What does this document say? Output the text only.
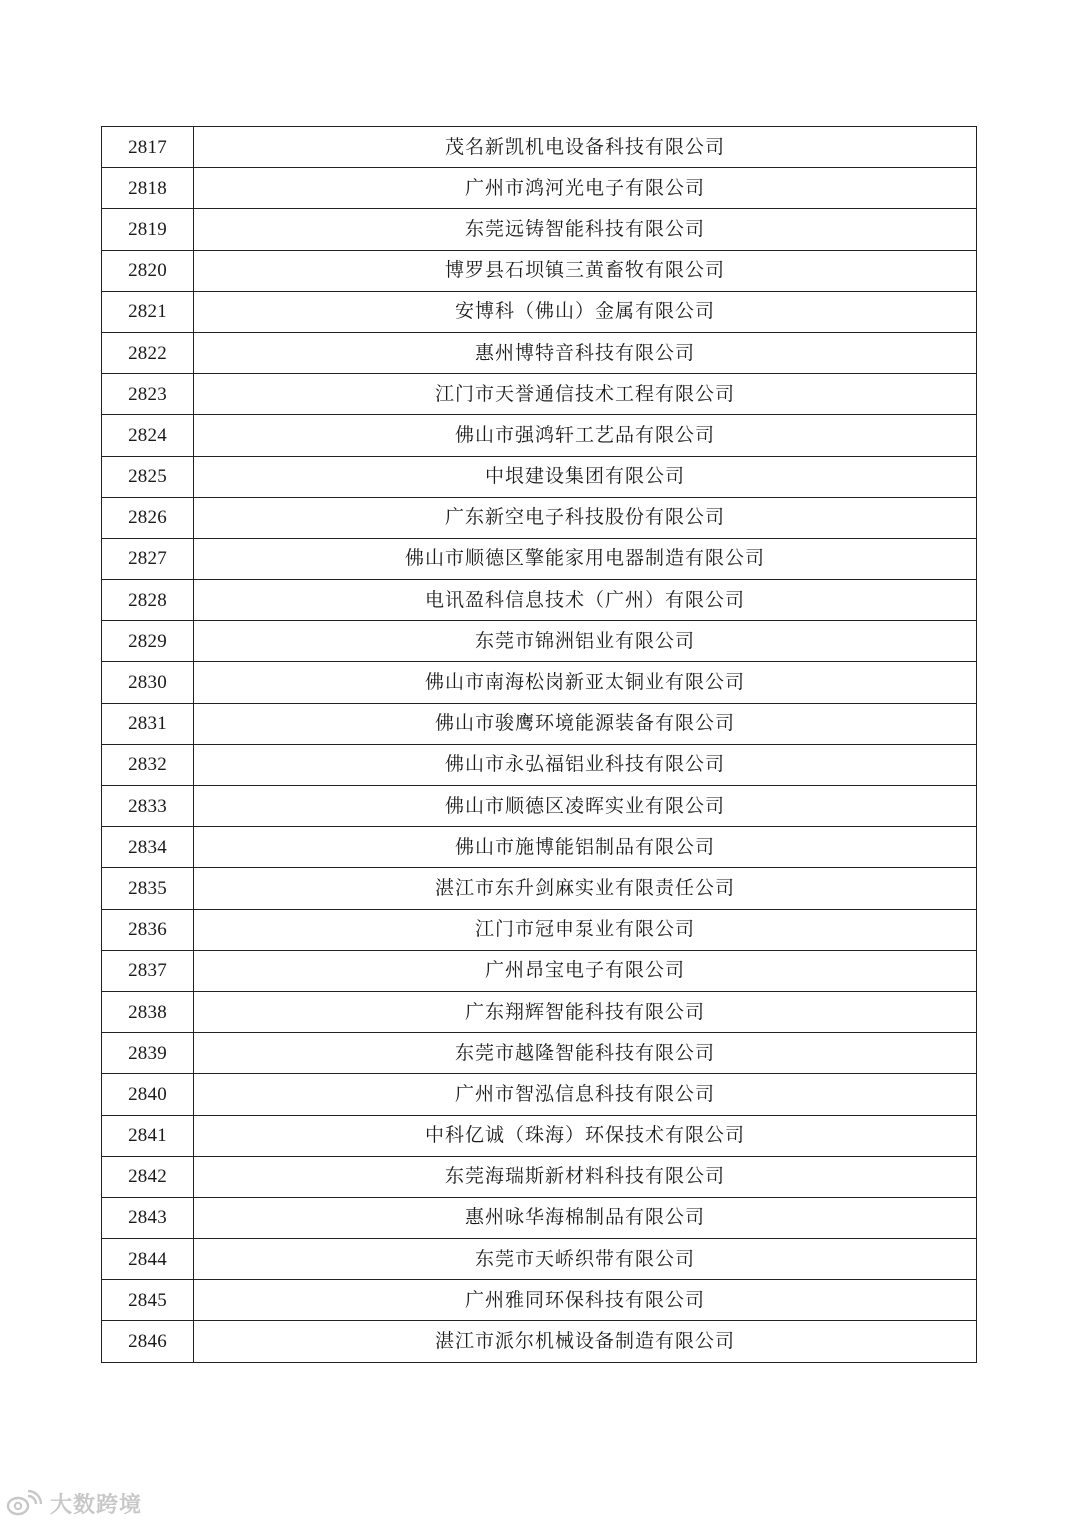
2817	茂名新凯机电设备科技有限公司
2818	广州市鸿河光电子有限公司
2819	东莞远铸智能科技有限公司
2820	博罗县石坝镇三黄畜牧有限公司
2821	安博科（佛山）金属有限公司
2822	惠州博特音科技有限公司
2823	江门市天誉通信技术工程有限公司
2824	佛山市强鸿轩工艺品有限公司
2825	中垠建设集团有限公司
2826	广东新空电子科技股份有限公司
2827	佛山市顺德区擎能家用电器制造有限公司
2828	电讯盈科信息技术（广州）有限公司
2829	东莞市锦洲铝业有限公司
2830	佛山市南海松岗新亚太铜业有限公司
2831	佛山市骏鹰环境能源装备有限公司
2832	佛山市永弘福铝业科技有限公司
2833	佛山市顺德区凌晖实业有限公司
2834	佛山市施博能铝制品有限公司
2835	湛江市东升剑麻实业有限责任公司
2836	江门市冠申泵业有限公司
2837	广州昂宝电子有限公司
2838	广东翔辉智能科技有限公司
2839	东莞市越隆智能科技有限公司
2840	广州市智泓信息科技有限公司
2841	中科亿诚（珠海）环保技术有限公司
2842	东莞海瑞斯新材料科技有限公司
2843	惠州咏华海棉制品有限公司
2844	东莞市天峤织带有限公司
2845	广州雅同环保科技有限公司
2846	湛江市派尔机械设备制造有限公司
大数跨境
